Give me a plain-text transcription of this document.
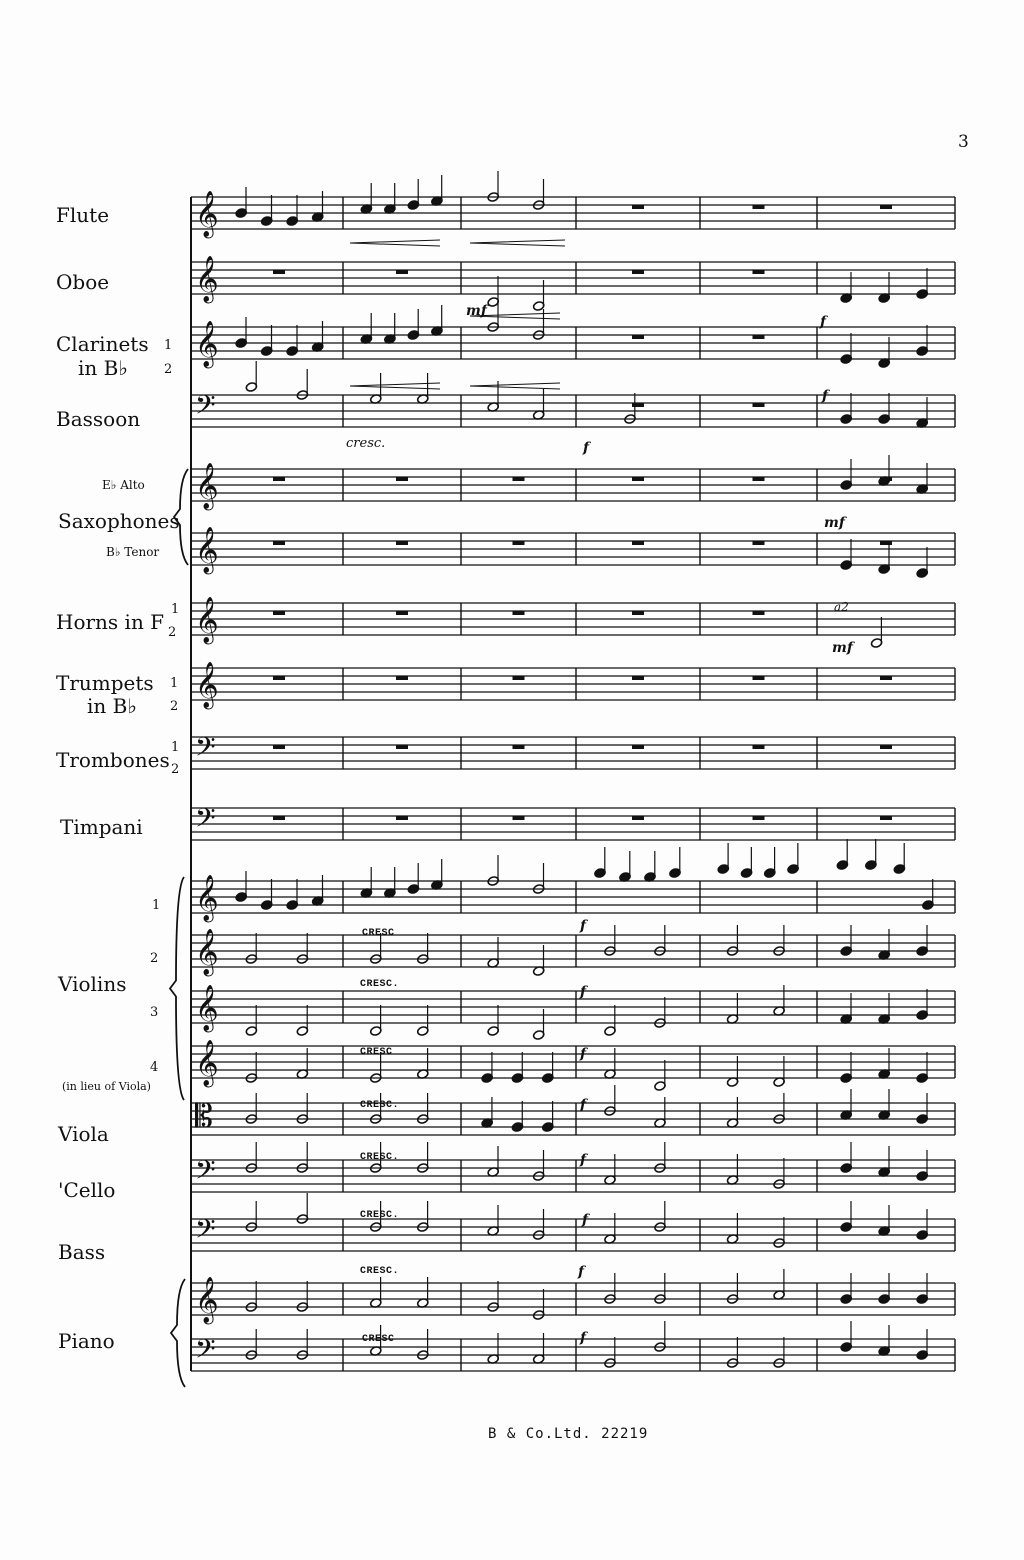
3
Flute
Oboe
Clarinets
in B♭
1
2
Bassoon
E♭ Alto
Saxophones
B♭ Tenor
Horns in F
1
2
Trumpets
in B♭
1
2
Trombones
1
2
Timpani
1
2
Violins
3
4
(in lieu of Viola)
Viola
'Cello
Bass
Piano
cresc.
mf
f
f
f
mf
mf
a2
CRESC
CRESC.
CRESC
CRESC.
CRESC.
CRESC.
CRESC.
CRESC
f
f
f
f
f
f
f
f
𝄞
𝄞
𝄞
𝄢
𝄞
𝄞
𝄞
𝄞
𝄢
𝄢
𝄞
𝄞
𝄞
𝄞
𝄡
𝄢
𝄢
𝄞
𝄢
B & Co.Ltd. 22219
